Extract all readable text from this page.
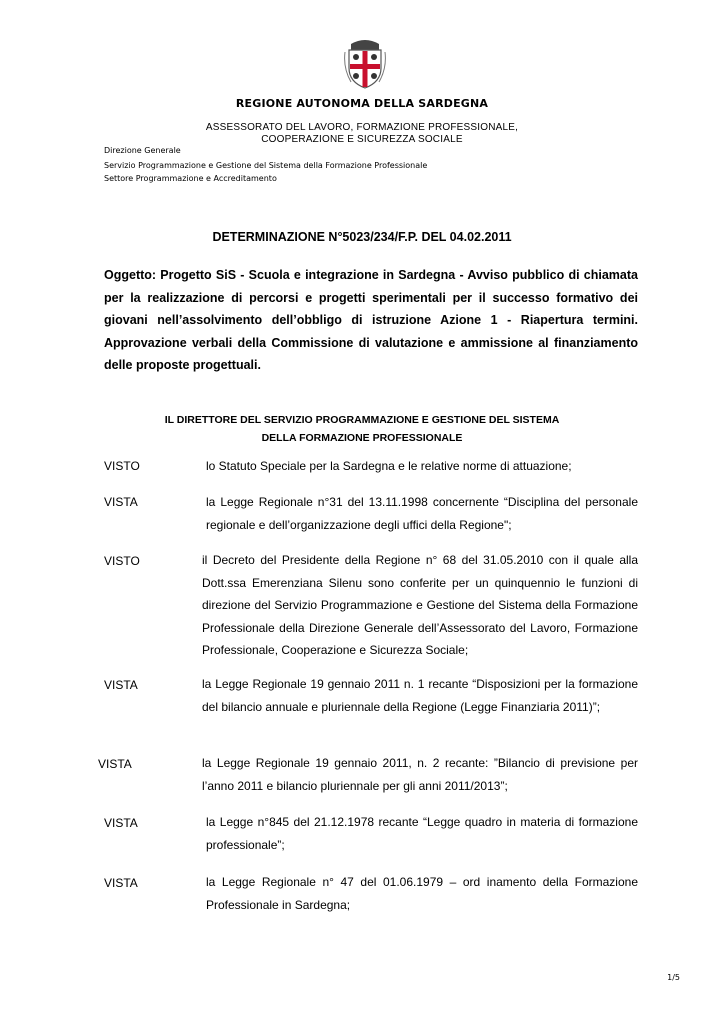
REGIONE AUTONOMA DELLA SARDEGNA
ASSESSORATO DEL LAVORO, FORMAZIONE PROFESSIONALE,
COOPERAZIONE E SICUREZZA SOCIALE
Direzione Generale
Servizio Programmazione e Gestione del Sistema della Formazione Professionale
Settore Programmazione e Accreditamento
DETERMINAZIONE N°5023/234/F.P. DEL 04.02.2011
Oggetto: Progetto SiS - Scuola e integrazione in Sardegna - Avviso pubblico di chiamata per la realizzazione di percorsi e progetti sperimentali per il successo formativo dei giovani nell’assolvimento dell’obbligo di istruzione Azione 1 - Riapertura termini. Approvazione verbali della Commissione di valutazione e ammissione al finanziamento delle proposte progettuali.
IL DIRETTORE DEL SERVIZIO PROGRAMMAZIONE E GESTIONE DEL SISTEMA
DELLA FORMAZIONE PROFESSIONALE
VISTO	lo Statuto Speciale per la Sardegna e le relative norme di attuazione;
VISTA	la Legge Regionale n°31 del 13.11.1998 concernente “Disciplina del personale regionale e dell’organizzazione degli uffici della Regione";
VISTO	il Decreto del Presidente della Regione n° 68 del 31.05.2010 con il quale alla Dott.ssa Emerenziana Silenu sono conferite per un quinquennio le funzioni di direzione del Servizio Programmazione e Gestione del Sistema della Formazione Professionale della Direzione Generale dell’Assessorato del Lavoro, Formazione Professionale, Cooperazione e Sicurezza Sociale;
VISTA	la Legge Regionale 19 gennaio 2011 n. 1 recante “Disposizioni per la formazione del bilancio annuale e pluriennale della Regione (Legge Finanziaria 2011)”;
VISTA	la Legge Regionale 19 gennaio 2011, n. 2 recante: ”Bilancio di previsione per l’anno 2011 e bilancio pluriennale per gli anni 2011/2013”;
VISTA	la Legge n°845 del 21.12.1978 recante “Legge quadro in materia di formazione professionale”;
VISTA	la Legge Regionale n° 47 del 01.06.1979 – ord inamento della Formazione Professionale in Sardegna;
1/5
